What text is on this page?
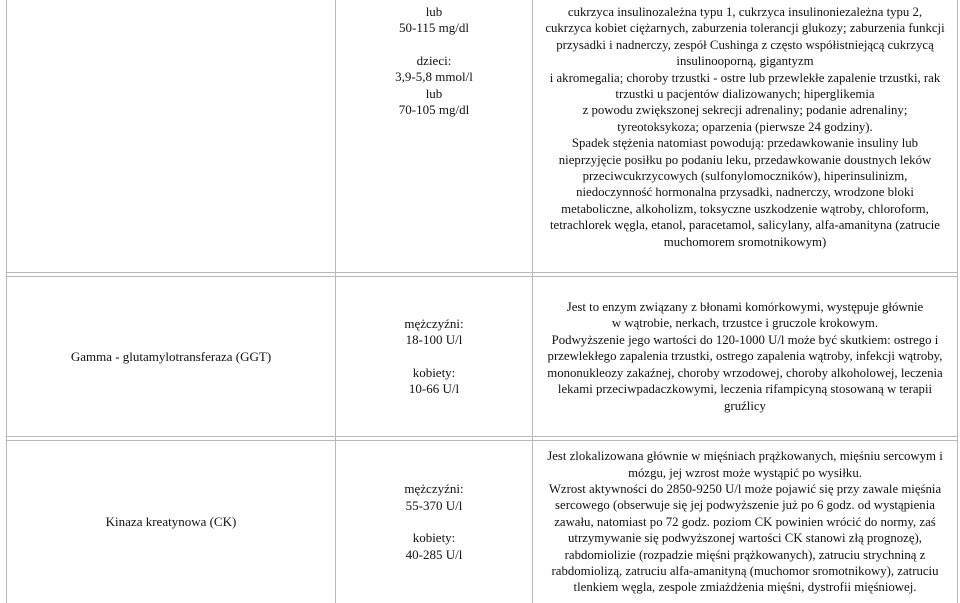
lub

50-115 mg/dl

dzieci:

3,9-5,8 mmol/l

lub

70-105 mg/dl

cukrzyca insulinozależna typu 1, cukrzyca insulinoniezależna typu 2,

cukrzyca kobiet ciężarnych, zaburzenia tolerancji glukozy; zaburzenia funkcji

przysadki i nadnerczy, zespół Cushinga z często współistniejącą cukrzycą

insulinooporną, gigantyzm

i akromegalia; choroby trzustki - ostre lub przewlekłe zapalenie trzustki, rak

trzustki u pacjentów dializowanych; hiperglikemia

z powodu zwiększonej sekrecji adrenaliny; podanie adrenaliny;

tyreotoksykoza; oparzenia (pierwsze 24 godziny).

Spadek stężenia natomiast powodują: przedawkowanie insuliny lub

nieprzyjęcie posiłku po podaniu leku, przedawkowanie doustnych leków

przeciwcukrzycowych (sulfonylomoczników), hiperinsulinizm,

niedoczynność hormonalna przysadki, nadnerczy, wrodzone bloki

metaboliczne, alkoholizm, toksyczne uszkodzenie wątroby, chloroform,

tetrachlorek węgla, etanol, paracetamol, salicylany, alfa-amanityna (zatrucie

muchomorem sromotnikowym)

Gamma - glutamylotransferaza (GGT)

mężczyźni:

18-100 U/l

kobiety:

10-66 U/l

Jest to enzym związany z błonami komórkowymi, występuje głównie

w wątrobie, nerkach, trzustce i gruczole krokowym.

Podwyższenie jego wartości do 120-1000 U/l może być skutkiem: ostrego i

przewlekłego zapalenia trzustki, ostrego zapalenia wątroby, infekcji wątroby,

mononukleozy zakaźnej, choroby wrzodowej, choroby alkoholowej, leczenia

lekami przeciwpadaczkowymi, leczenia rifampicyną stosowaną w terapii

gruźlicy

Kinaza kreatynowa (CK)

mężczyźni:

55-370 U/l

kobiety:

40-285 U/l

Jest zlokalizowana głównie w mięśniach prążkowanych, mięśniu sercowym i

mózgu, jej wzrost może wystąpić po wysiłku.

Wzrost aktywności do 2850-9250 U/l może pojawić się przy zawale mięśnia

sercowego (obserwuje się jej podwyższenie już po 6 godz. od wystąpienia

zawału, natomiast po 72 godz. poziom CK powinien wrócić do normy, zaś

utrzymywanie się podwyższonej wartości CK stanowi złą prognozę),

rabdomiolizie (rozpadzie mięśni prążkowanych), zatruciu strychniną z

rabdomiolizą, zatruciu alfa-amanityną (muchomor sromotnikowy), zatruciu

tlenkiem węgla, zespole zmiażdżenia mięśni, dystrofii mięśniowej.
